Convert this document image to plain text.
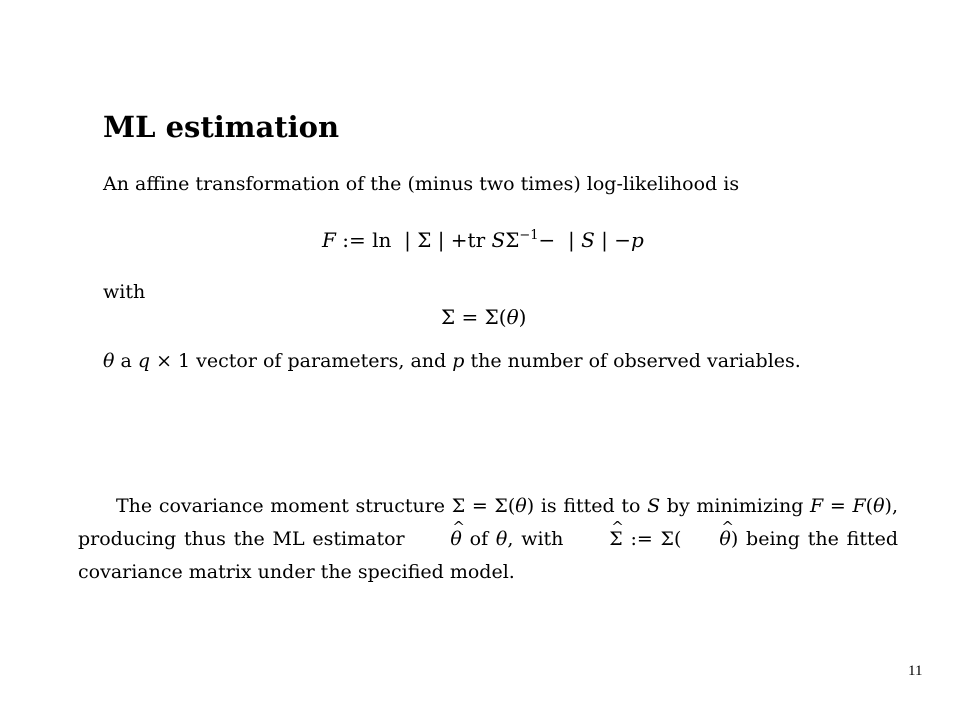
ML estimation
An affine transformation of the (minus two times) log-likelihood is
F := ln  | Σ | +tr $S\Sigma^{-1}-$  | S | −p
with
Σ = Σ(θ)
θ a q × 1 vector of parameters, and p the number of observed variables.
The covariance moment structure Σ = Σ(θ) is fitted to S by minimizing F = F(θ), producing thus the ML estimator ^ θ of θ, with ^ Σ := Σ(^ θ) being the fitted covariance matrix under the specified model.
11
